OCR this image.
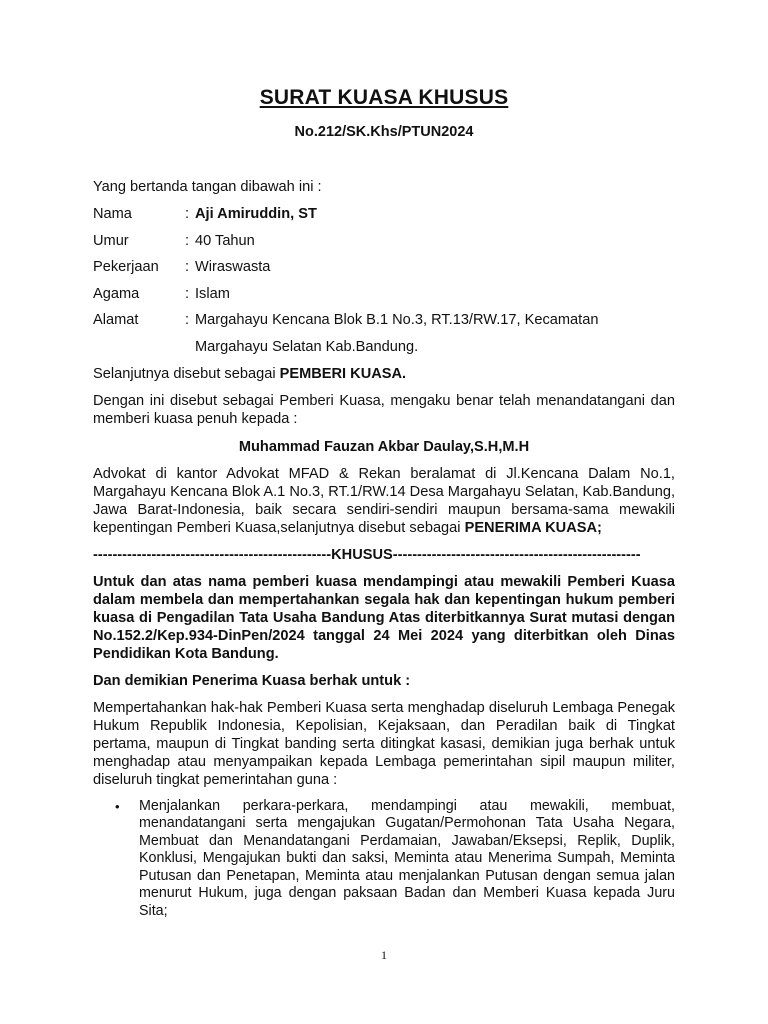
SURAT KUASA KHUSUS
No.212/SK.Khs/PTUN2024

Yang bertanda tangan dibawah ini :

Nama	: Aji Amiruddin, ST
Umur	: 40 Tahun
Pekerjaan	: Wiraswasta
Agama	: Islam
Alamat	: Margahayu Kencana Blok B.1 No.3, RT.13/RW.17, Kecamatan
Margahayu Selatan Kab.Bandung.

Selanjutnya disebut sebagai PEMBERI KUASA.

Dengan ini disebut sebagai Pemberi Kuasa, mengaku benar telah menandatangani dan memberi kuasa penuh kepada :

Muhammad Fauzan Akbar Daulay,S.H,M.H

Advokat di kantor Advokat MFAD & Rekan beralamat di Jl.Kencana Dalam No.1, Margahayu Kencana Blok A.1 No.3, RT.1/RW.14 Desa Margahayu Selatan, Kab.Bandung, Jawa Barat-Indonesia, baik secara sendiri-sendiri maupun bersama-sama mewakili kepentingan Pemberi Kuasa,selanjutnya disebut sebagai PENERIMA KUASA;

-------------------------------------------------KHUSUS---------------------------------------------------

Untuk dan atas nama pemberi kuasa mendampingi atau mewakili Pemberi Kuasa dalam membela dan mempertahankan segala hak dan kepentingan hukum pemberi kuasa di Pengadilan Tata Usaha Bandung Atas diterbitkannya Surat mutasi dengan No.152.2/Kep.934-DinPen/2024 tanggal 24 Mei 2024 yang diterbitkan oleh Dinas Pendidikan Kota Bandung.

Dan demikian Penerima Kuasa berhak untuk :

Mempertahankan hak-hak Pemberi Kuasa serta menghadap diseluruh Lembaga Penegak Hukum Republik Indonesia, Kepolisian, Kejaksaan, dan Peradilan baik di Tingkat pertama, maupun di Tingkat banding serta ditingkat kasasi, demikian juga berhak untuk menghadap atau menyampaikan kepada Lembaga pemerintahan sipil maupun militer, diseluruh tingkat pemerintahan guna :

•	Menjalankan perkara-perkara, mendampingi atau mewakili, membuat, menandatangani serta mengajukan Gugatan/Permohonan Tata Usaha Negara, Membuat dan Menandatangani Perdamaian, Jawaban/Eksepsi, Replik, Duplik, Konklusi, Mengajukan bukti dan saksi, Meminta atau Menerima Sumpah, Meminta Putusan dan Penetapan, Meminta atau menjalankan Putusan dengan semua jalan menurut Hukum, juga dengan paksaan Badan dan Memberi Kuasa kepada Juru Sita;
1
